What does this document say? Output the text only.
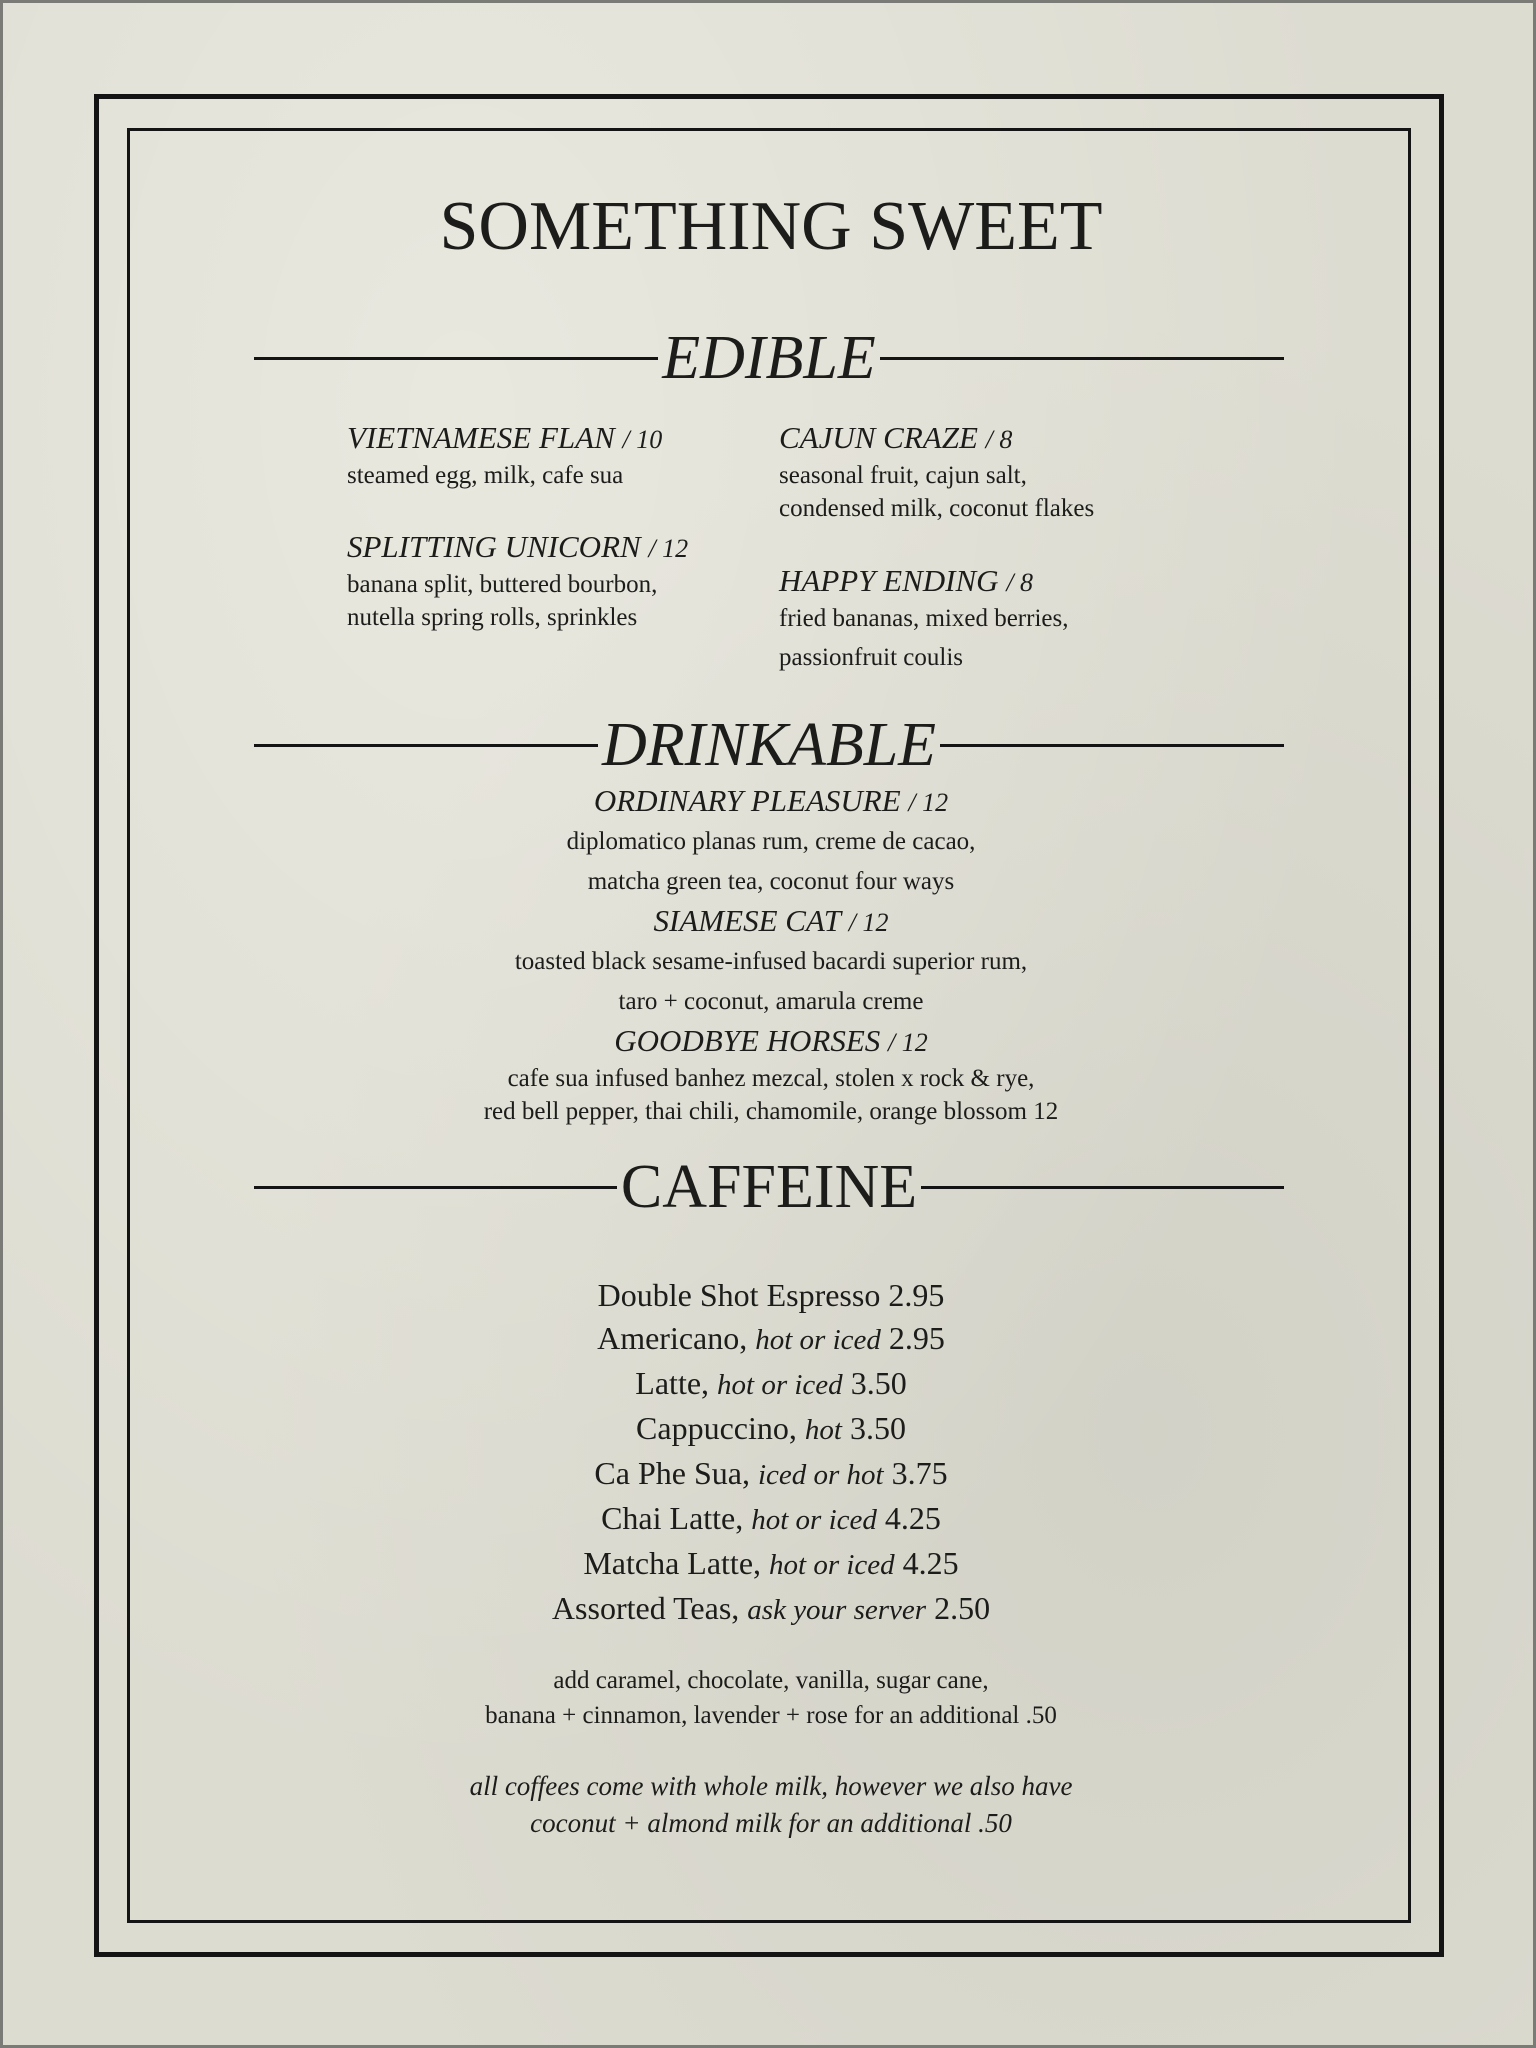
SOMETHING SWEET
EDIBLE
VIETNAMESE FLAN / 10
steamed egg, milk, cafe sua
SPLITTING UNICORN / 12
banana split, buttered bourbon,
nutella spring rolls, sprinkles
CAJUN CRAZE / 8
seasonal fruit, cajun salt,
condensed milk, coconut flakes
HAPPY ENDING / 8
fried bananas, mixed berries,
passionfruit coulis
DRINKABLE
ORDINARY PLEASURE / 12
diplomatico planas rum, creme de cacao,
matcha green tea, coconut four ways
SIAMESE CAT / 12
toasted black sesame-infused bacardi superior rum,
taro + coconut, amarula creme
GOODBYE HORSES / 12
cafe sua infused banhez mezcal, stolen x rock & rye,
red bell pepper, thai chili, chamomile, orange blossom 12
CAFFEINE
Double Shot Espresso 2.95
Americano, hot or iced 2.95
Latte, hot or iced 3.50
Cappuccino, hot 3.50
Ca Phe Sua, iced or hot 3.75
Chai Latte, hot or iced 4.25
Matcha Latte, hot or iced 4.25
Assorted Teas, ask your server 2.50
add caramel, chocolate, vanilla, sugar cane,
banana + cinnamon, lavender + rose for an additional .50
all coffees come with whole milk, however we also have
coconut + almond milk for an additional .50
